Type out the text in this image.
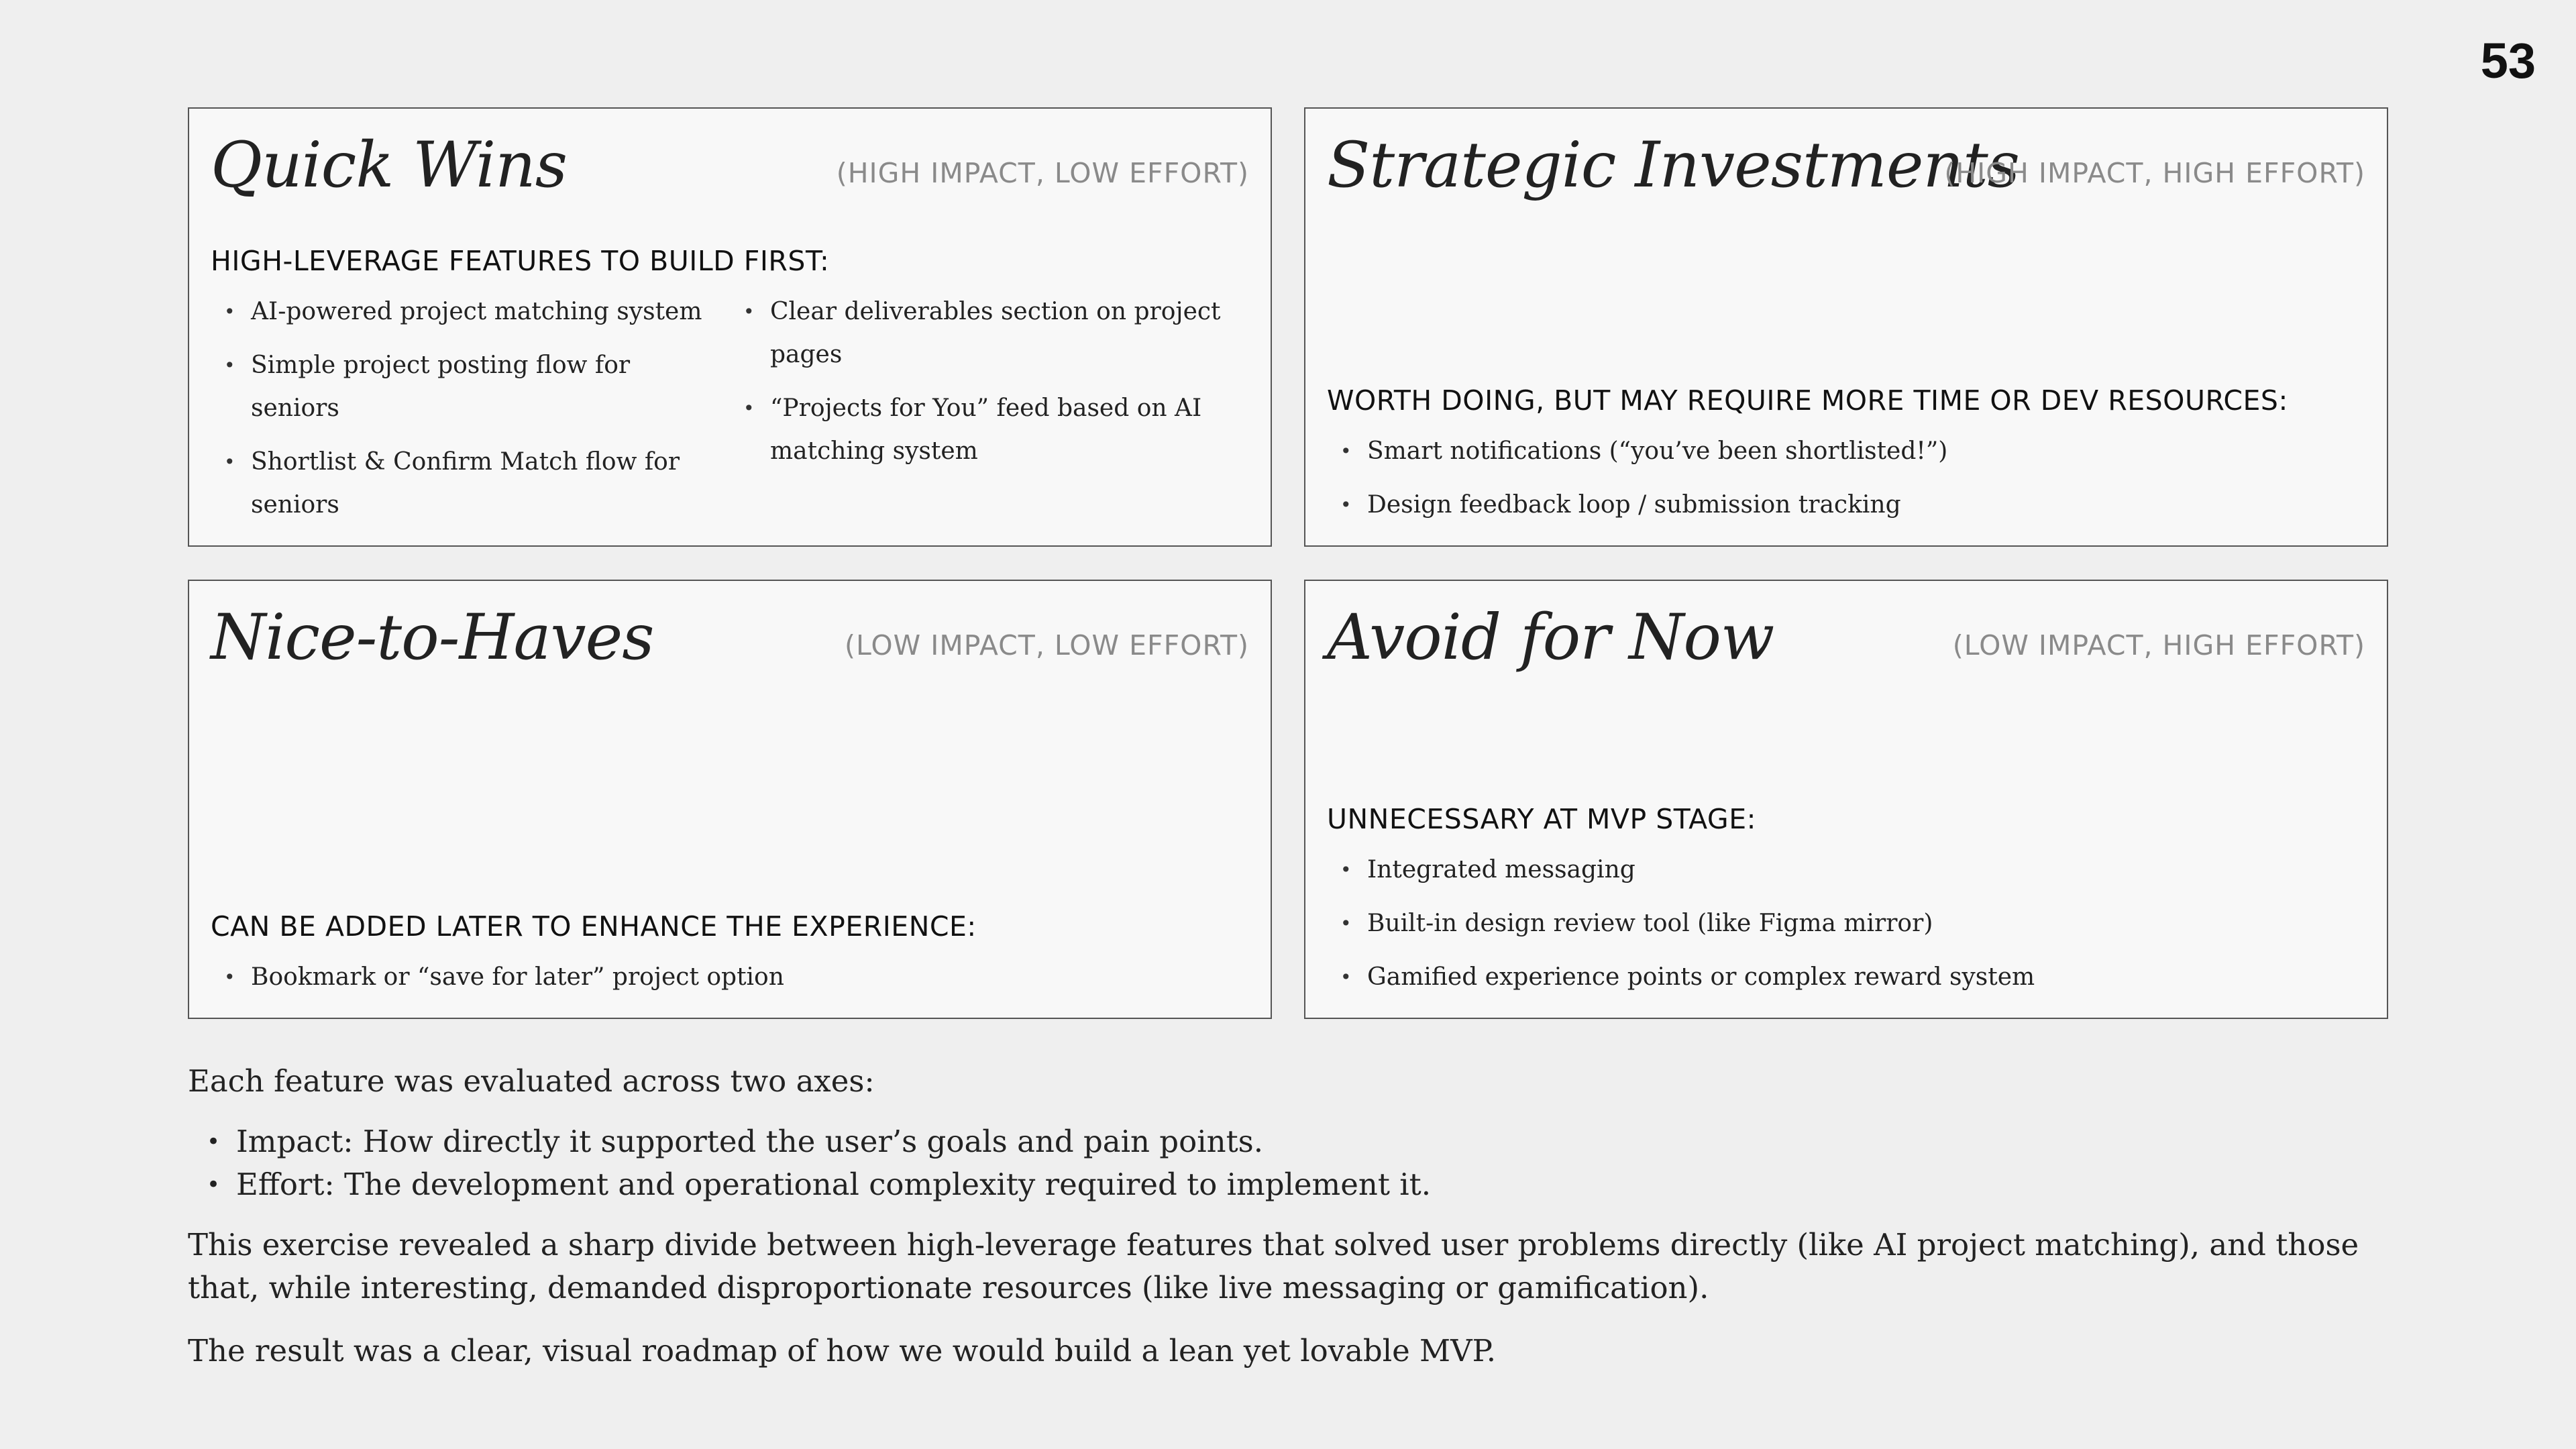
53
Quick Wins	(HIGH IMPACT, LOW EFFORT)
HIGH-LEVERAGE FEATURES TO BUILD FIRST:
• AI-powered project matching system
• Simple project posting flow for seniors
• Shortlist & Confirm Match flow for seniors
• Clear deliverables section on project pages
• “Projects for You” feed based on AI matching system
Strategic Investments
(HIGH IMPACT, HIGH EFFORT)
WORTH DOING, BUT MAY REQUIRE MORE TIME OR DEV RESOURCES:
• Smart notifications (“you’ve been shortlisted!”)
• Design feedback loop / submission tracking
Nice-to-Haves	(LOW IMPACT, LOW EFFORT)
CAN BE ADDED LATER TO ENHANCE THE EXPERIENCE:
• Bookmark or “save for later” project option
Avoid for Now	(LOW IMPACT, HIGH EFFORT)
UNNECESSARY AT MVP STAGE:
• Integrated messaging
• Built-in design review tool (like Figma mirror)
• Gamified experience points or complex reward system

Each feature was evaluated across two axes:

• Impact: How directly it supported the user’s goals and pain points.
• Effort: The development and operational complexity required to implement it.

This exercise revealed a sharp divide between high-leverage features that solved user problems directly (like AI project matching), and those that, while interesting, demanded disproportionate resources (like live messaging or gamification).

The result was a clear, visual roadmap of how we would build a lean yet lovable MVP.
